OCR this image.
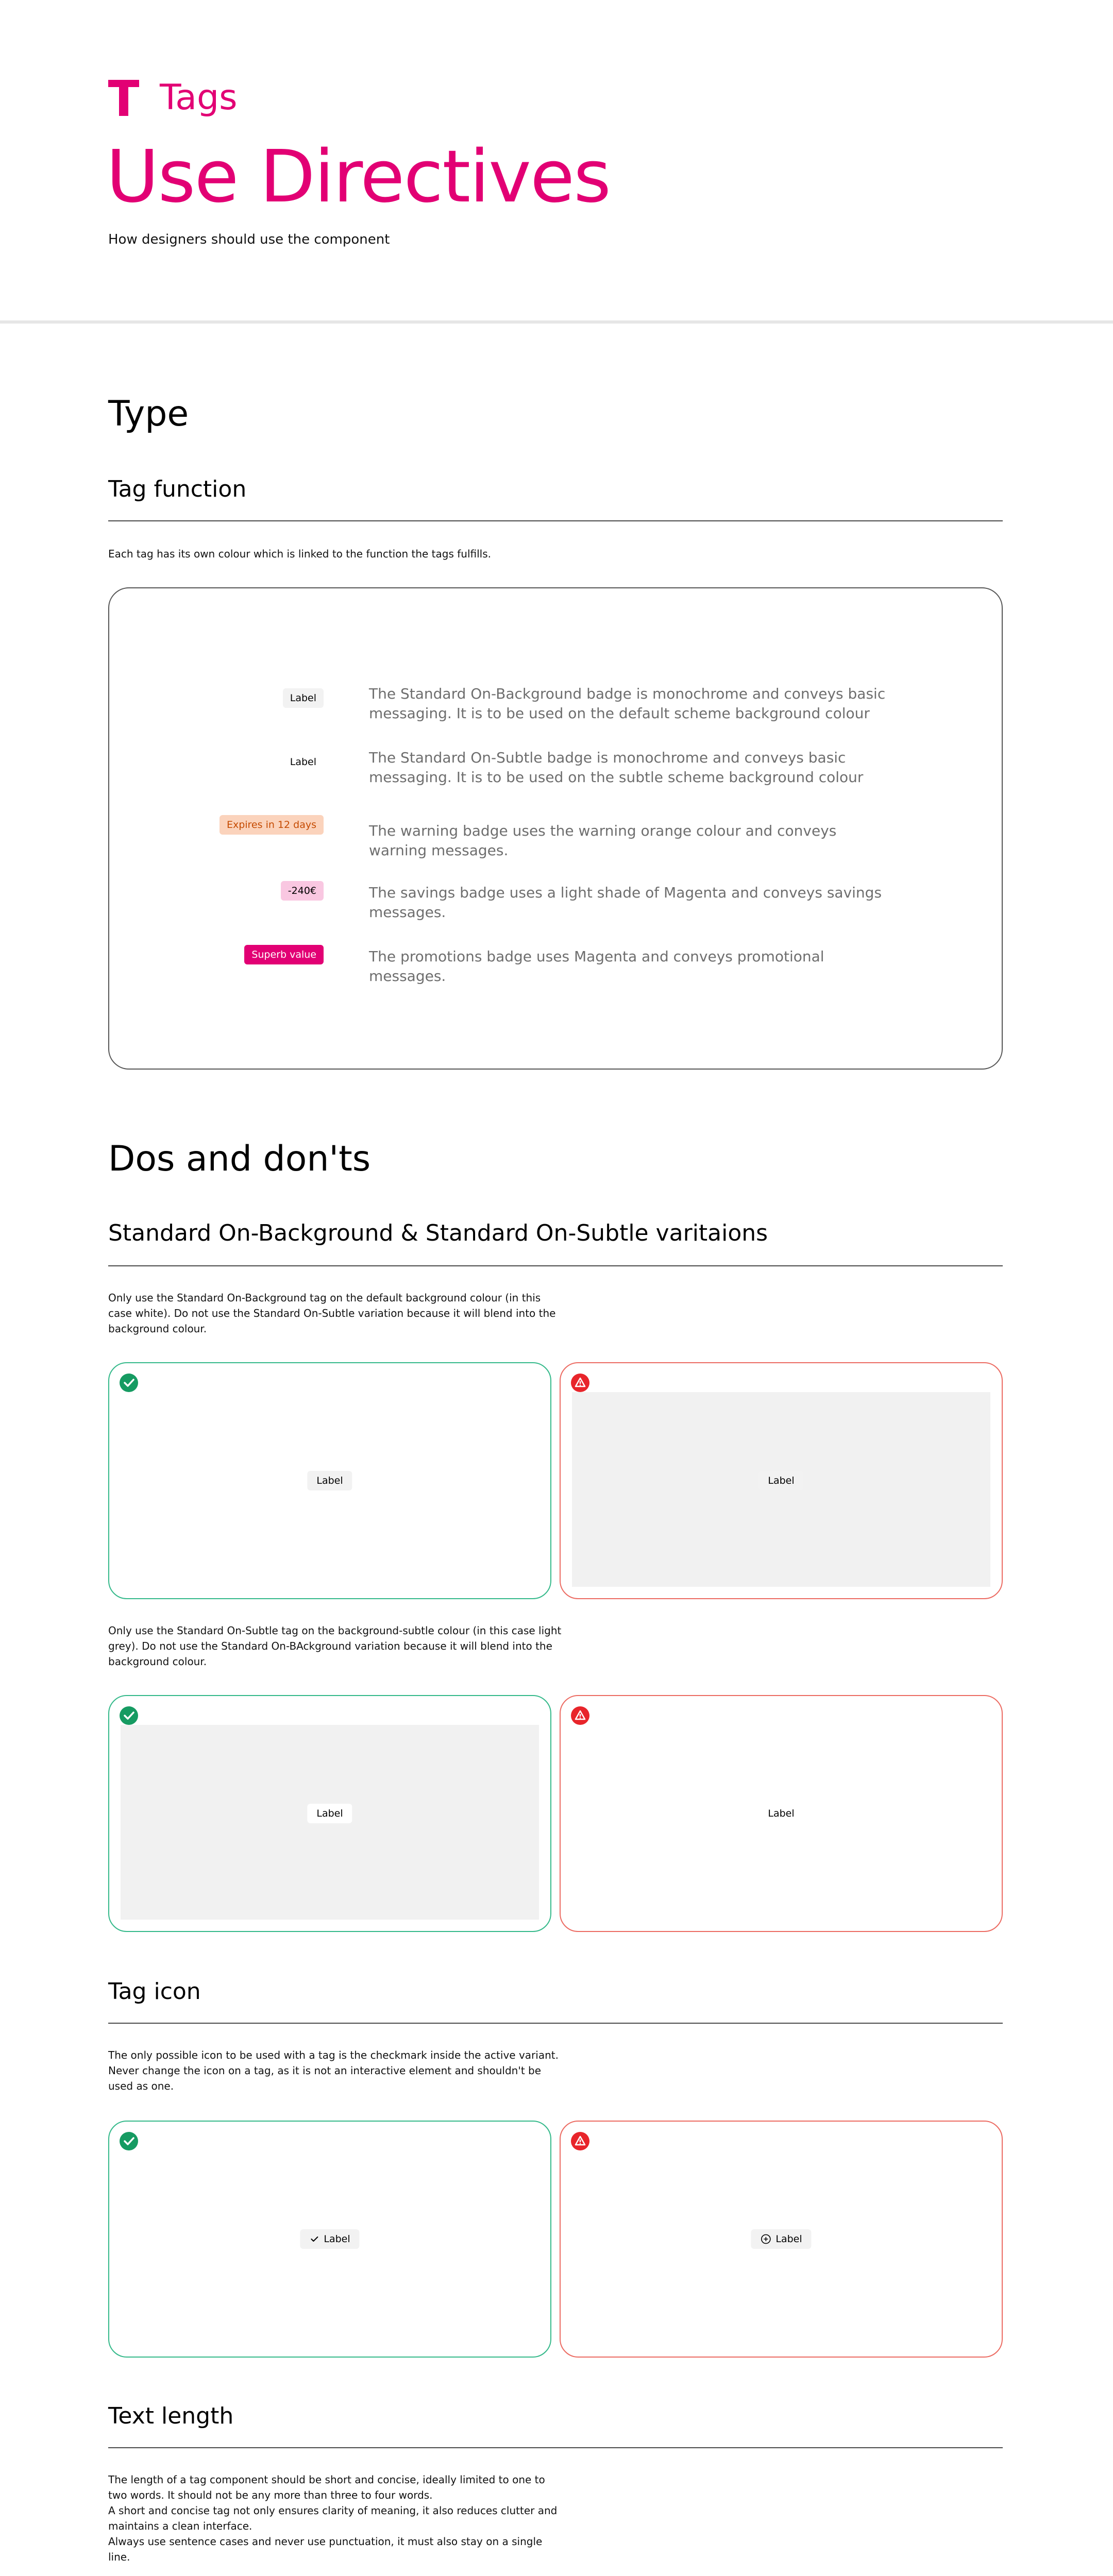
Tags
Use Directives
How designers should use the component
Type
Tag function
Each tag has its own colour which is linked to the function the tags fulfills.
Label	The Standard On-Background badge is monochrome and conveys basic messaging. It is to be used on the default scheme background colour
Label	The Standard On-Subtle badge is monochrome and conveys basic messaging. It is to be used on the subtle scheme background colour
Expires in 12 days	The warning badge uses the warning orange colour and conveys warning messages.
-240€	The savings badge uses a light shade of Magenta and conveys savings messages.
Superb value	The promotions badge uses Magenta and conveys promotional messages.
Dos and don'ts
Standard On-Background & Standard On-Subtle varitaions
Only use the Standard On-Background tag on the default background colour (in this case white). Do not use the Standard On-Subtle variation because it will blend into the background colour.
Label	Label
Only use the Standard On-Subtle tag on the background-subtle colour (in this case light grey). Do not use the Standard On-BAckground variation because it will blend into the background colour.
Label	Label
Tag icon
The only possible icon to be used with a tag is the checkmark inside the active variant. Never change the icon on a tag, as it is not an interactive element and shouldn't be used as one.
Label	Label
Text length
The length of a tag component should be short and concise, ideally limited to one to two words. It should not be any more than three to four words.
A short and concise tag not only ensures clarity of meaning, it also reduces clutter and maintains a clean interface.
Always use sentence cases and never use punctuation, it must also stay on a single line.
